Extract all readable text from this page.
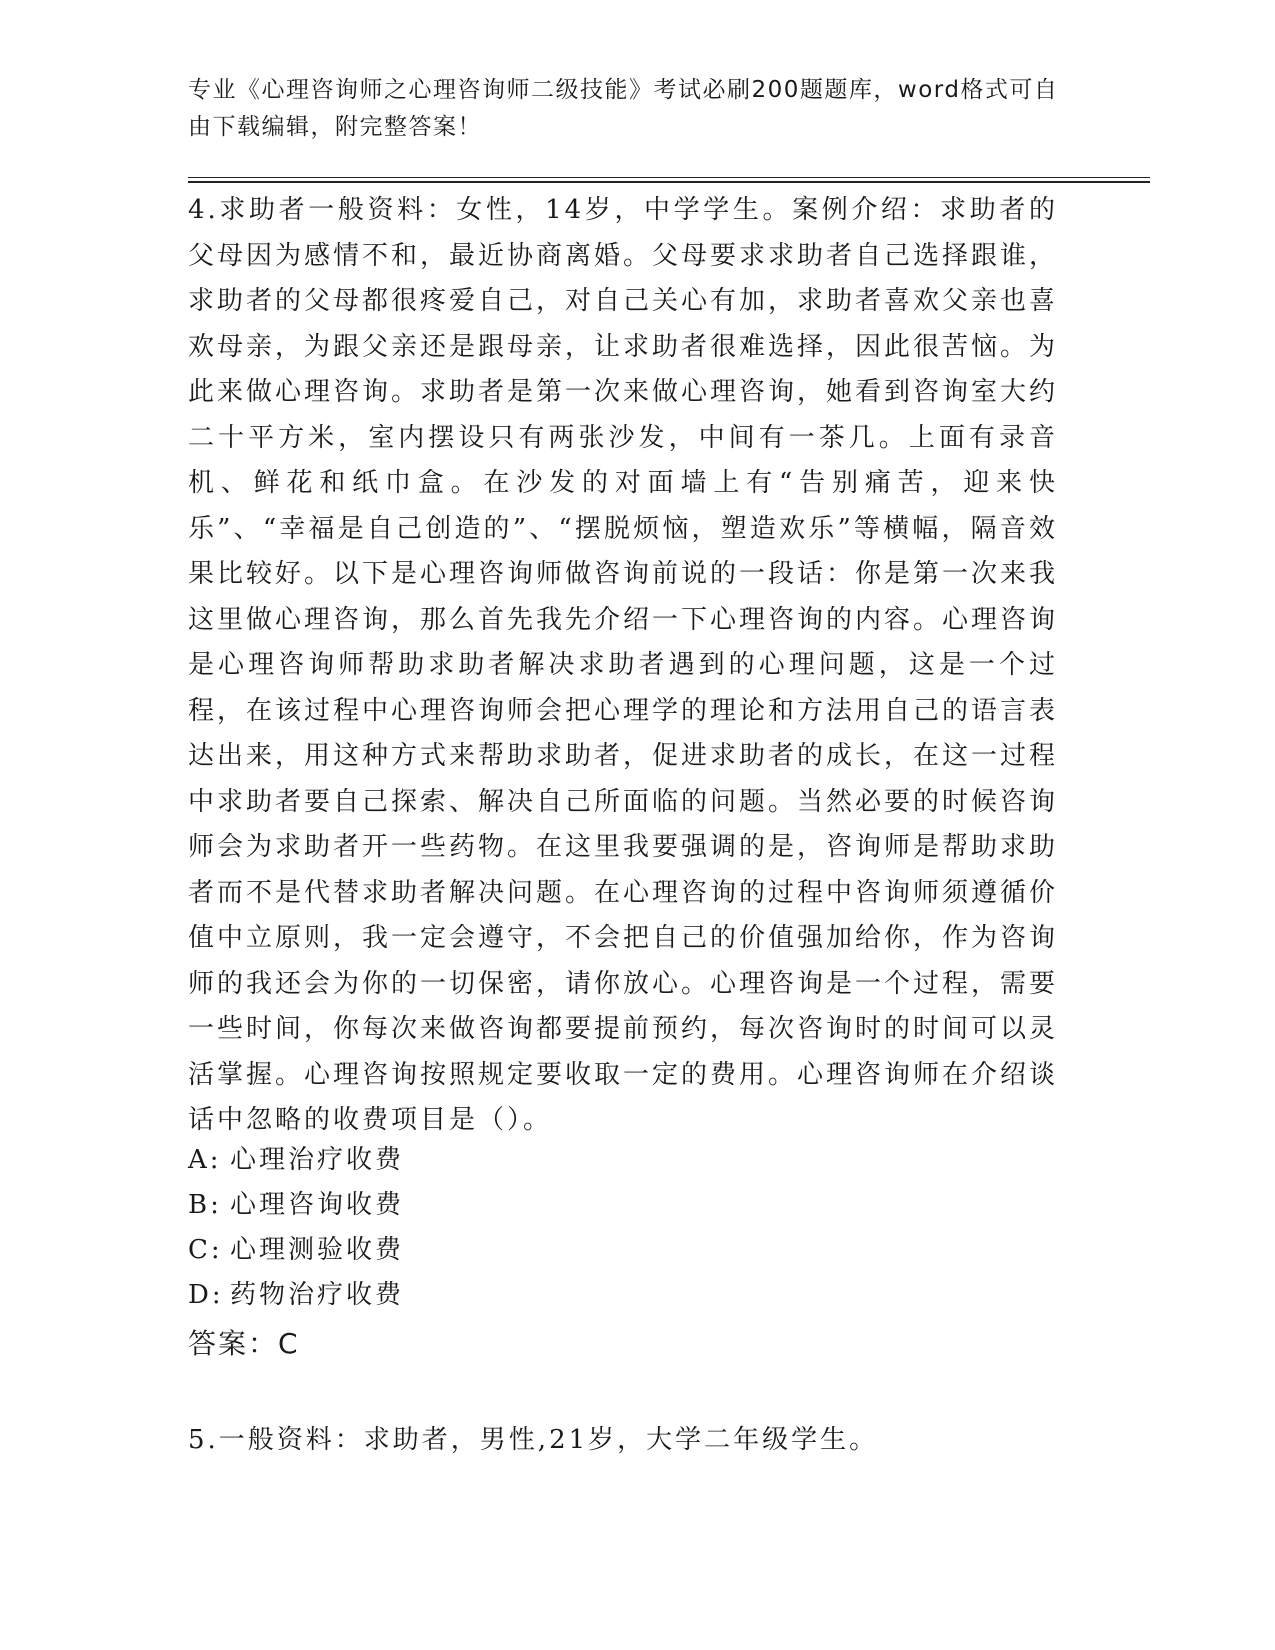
专业《心理咨询师之心理咨询师二级技能》考试必刷200题题库，word格式可自
由下载编辑，附完整答案！
4.求助者一般资料：女性，14岁，中学学生。案例介绍：求助者的父母因为感情不和，最近协商离婚。父母要求求助者自己选择跟谁，求助者的父母都很疼爱自己，对自己关心有加，求助者喜欢父亲也喜欢母亲，为跟父亲还是跟母亲，让求助者很难选择，因此很苦恼。为此来做心理咨询。求助者是第一次来做心理咨询，她看到咨询室大约二十平方米，室内摆设只有两张沙发，中间有一茶几。上面有录音机、鲜花和纸巾盒。在沙发的对面墙上有“告别痛苦，迎来快乐”、“幸福是自己创造的”、“摆脱烦恼，塑造欢乐”等横幅，隔音效果比较好。以下是心理咨询师做咨询前说的一段话：你是第一次来我这里做心理咨询，那么首先我先介绍一下心理咨询的内容。心理咨询是心理咨询师帮助求助者解决求助者遇到的心理问题，这是一个过程，在该过程中心理咨询师会把心理学的理论和方法用自己的语言表达出来，用这种方式来帮助求助者，促进求助者的成长，在这一过程中求助者要自己探索、解决自己所面临的问题。当然必要的时候咨询师会为求助者开一些药物。在这里我要强调的是，咨询师是帮助求助者而不是代替求助者解决问题。在心理咨询的过程中咨询师须遵循价值中立原则，我一定会遵守，不会把自己的价值强加给你，作为咨询师的我还会为你的一切保密，请你放心。心理咨询是一个过程，需要一些时间，你每次来做咨询都要提前预约，每次咨询时的时间可以灵活掌握。心理咨询按照规定要收取一定的费用。心理咨询师在介绍谈话中忽略的收费项目是（）。
A: 心理治疗收费
B: 心理咨询收费
C: 心理测验收费
D: 药物治疗收费
答案：C
5.一般资料：求助者，男性,21岁，大学二年级学生。
